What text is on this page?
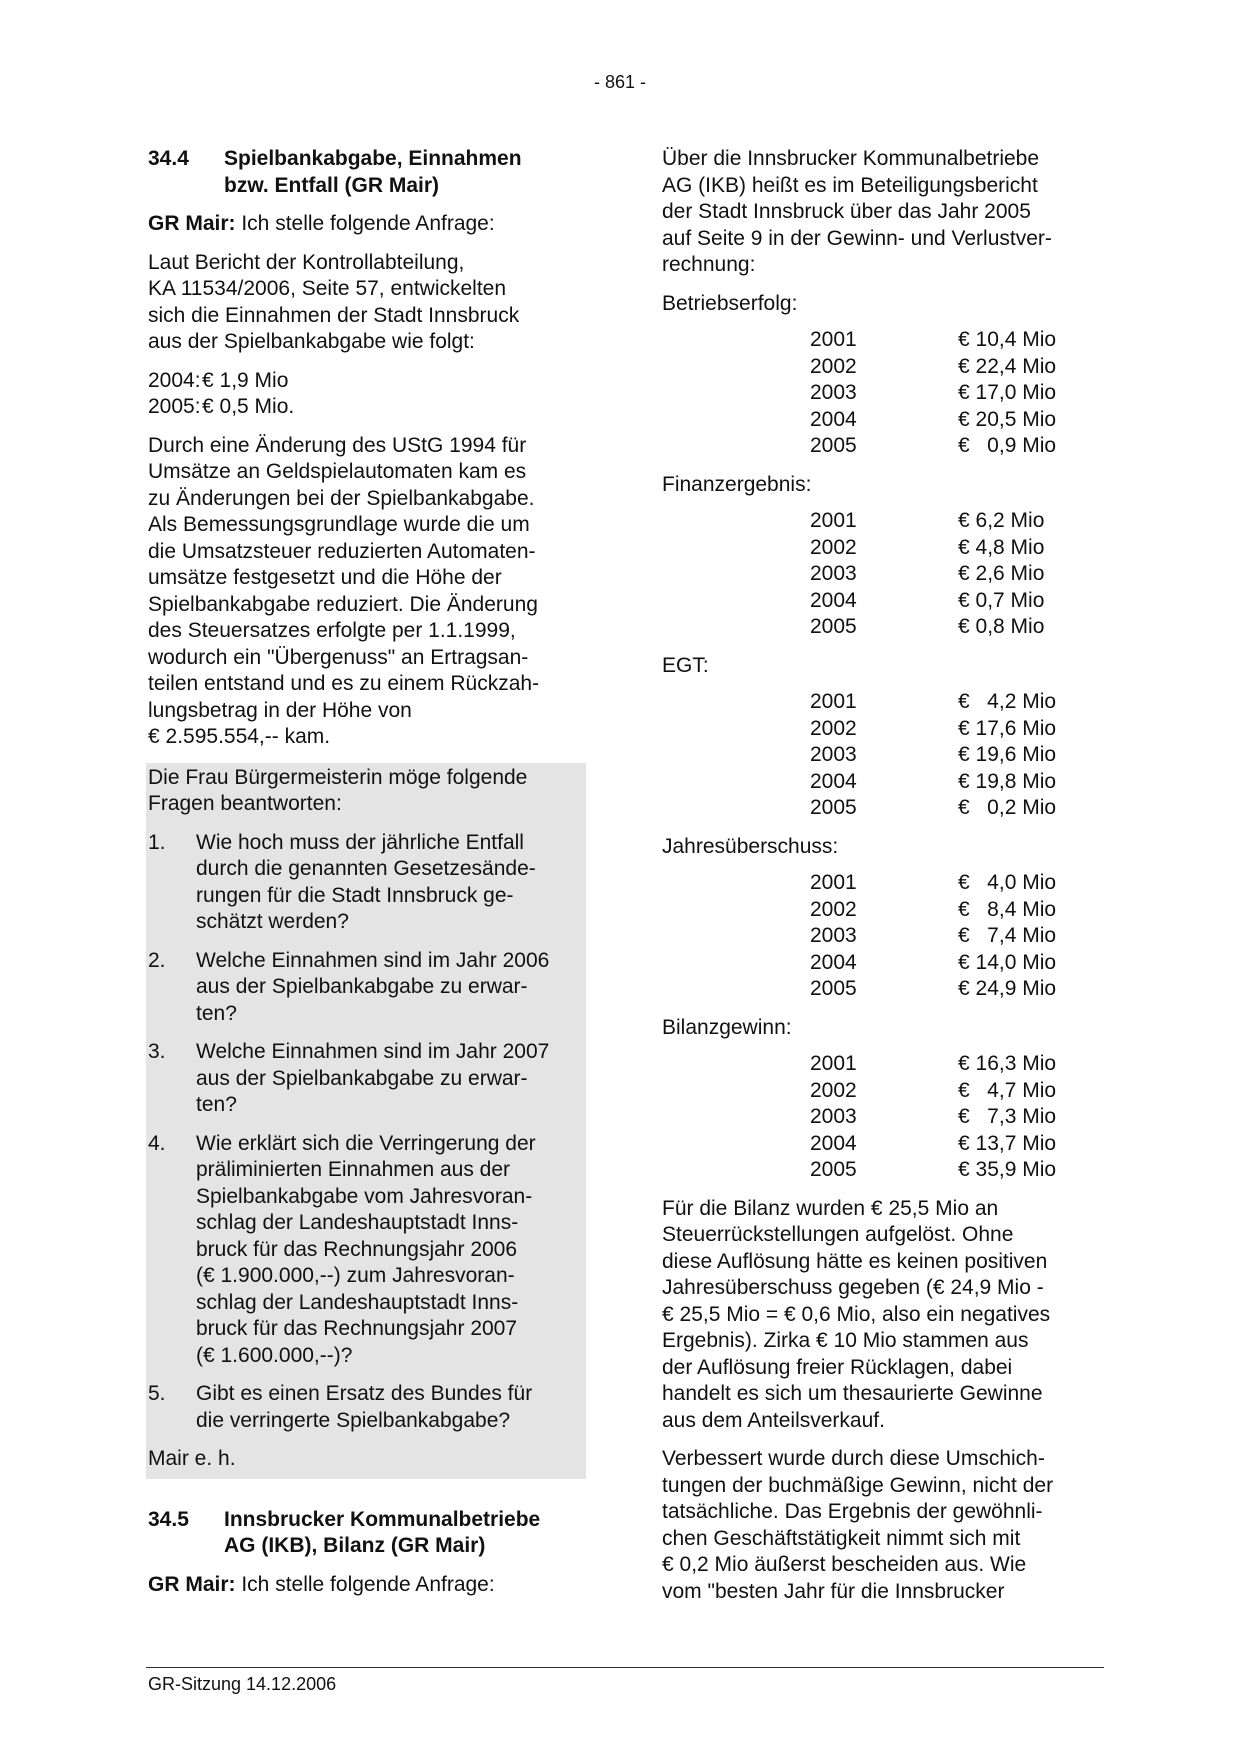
- 861 -
34.4	Spielbankabgabe, Einnahmen
bzw. Entfall (GR Mair)

GR Mair: Ich stelle folgende Anfrage:

Laut Bericht der Kontrollabteilung,
KA 11534/2006, Seite 57, entwickelten
sich die Einnahmen der Stadt Innsbruck
aus der Spielbankabgabe wie folgt:

2004: € 1,9 Mio
2005: € 0,5 Mio.

Durch eine Änderung des UStG 1994 für
Umsätze an Geldspielautomaten kam es
zu Änderungen bei der Spielbankabgabe.
Als Bemessungsgrundlage wurde die um
die Umsatzsteuer reduzierten Automaten-
umsätze festgesetzt und die Höhe der
Spielbankabgabe reduziert. Die Änderung
des Steuersatzes erfolgte per 1.1.1999,
wodurch ein "Übergenuss" an Ertragsan-
teilen entstand und es zu einem Rückzah-
lungsbetrag in der Höhe von
€ 2.595.554,-- kam.

Die Frau Bürgermeisterin möge folgende
Fragen beantworten:

1.	Wie hoch muss der jährliche Entfall
durch die genannten Gesetzesände-
rungen für die Stadt Innsbruck ge-
schätzt werden?
2.	Welche Einnahmen sind im Jahr 2006
aus der Spielbankabgabe zu erwar-
ten?
3.	Welche Einnahmen sind im Jahr 2007
aus der Spielbankabgabe zu erwar-
ten?
4.	Wie erklärt sich die Verringerung der
präliminierten Einnahmen aus der
Spielbankabgabe vom Jahresvoran-
schlag der Landeshauptstadt Inns-
bruck für das Rechnungsjahr 2006
(€ 1.900.000,--) zum Jahresvoran-
schlag der Landeshauptstadt Inns-
bruck für das Rechnungsjahr 2007
(€ 1.600.000,--)?
5.	Gibt es einen Ersatz des Bundes für
die verringerte Spielbankabgabe?
Mair e. h.
34.5	Innsbrucker Kommunalbetriebe
AG (IKB), Bilanz (GR Mair)

GR Mair: Ich stelle folgende Anfrage:

Über die Innsbrucker Kommunalbetriebe
AG (IKB) heißt es im Beteiligungsbericht
der Stadt Innsbruck über das Jahr 2005
auf Seite 9 in der Gewinn- und Verlustver-
rechnung:

Betriebserfolg:
2001	€ 10,4 Mio
2002	€ 22,4 Mio
2003	€ 17,0 Mio
2004	€ 20,5 Mio
2005	€   0,9 Mio
Finanzergebnis:
2001	€ 6,2 Mio
2002	€ 4,8 Mio
2003	€ 2,6 Mio
2004	€ 0,7 Mio
2005	€ 0,8 Mio
EGT:
2001	€   4,2 Mio
2002	€ 17,6 Mio
2003	€ 19,6 Mio
2004	€ 19,8 Mio
2005	€   0,2 Mio
Jahresüberschuss:
2001	€   4,0 Mio
2002	€   8,4 Mio
2003	€   7,4 Mio
2004	€ 14,0 Mio
2005	€ 24,9 Mio
Bilanzgewinn:
2001	€ 16,3 Mio
2002	€   4,7 Mio
2003	€   7,3 Mio
2004	€ 13,7 Mio
2005	€ 35,9 Mio

Für die Bilanz wurden € 25,5 Mio an
Steuerrückstellungen aufgelöst. Ohne
diese Auflösung hätte es keinen positiven
Jahresüberschuss gegeben (€ 24,9 Mio -
€ 25,5 Mio = € 0,6 Mio, also ein negatives
Ergebnis). Zirka € 10 Mio stammen aus
der Auflösung freier Rücklagen, dabei
handelt es sich um thesaurierte Gewinne
aus dem Anteilsverkauf.

Verbessert wurde durch diese Umschich-
tungen der buchmäßige Gewinn, nicht der
tatsächliche. Das Ergebnis der gewöhnli-
chen Geschäftstätigkeit nimmt sich mit
€ 0,2 Mio äußerst bescheiden aus. Wie
vom "besten Jahr für die Innsbrucker

GR-Sitzung 14.12.2006
